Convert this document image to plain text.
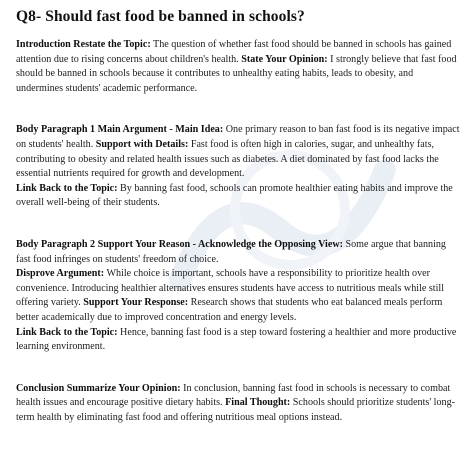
Q8- Should fast food be banned in schools?

Introduction Restate the Topic: The question of whether fast food should be banned in schools has gained attention due to rising concerns about children's health. State Your Opinion: I strongly believe that fast food should be banned in schools because it contributes to unhealthy eating habits, leads to obesity, and undermines students' academic performance.

Body Paragraph 1 Main Argument - Main Idea: One primary reason to ban fast food is its negative impact on students' health. Support with Details: Fast food is often high in calories, sugar, and unhealthy fats, contributing to obesity and related health issues such as diabetes. A diet dominated by fast food lacks the essential nutrients required for growth and development.
Link Back to the Topic: By banning fast food, schools can promote healthier eating habits and improve the overall well-being of their students.

Body Paragraph 2 Support Your Reason - Acknowledge the Opposing View: Some argue that banning fast food infringes on students' freedom of choice.
Disprove Argument: While choice is important, schools have a responsibility to prioritize health over convenience. Introducing healthier alternatives ensures students have access to nutritious meals while still offering variety. Support Your Response: Research shows that students who eat balanced meals perform better academically due to improved concentration and energy levels.
Link Back to the Topic: Hence, banning fast food is a step toward fostering a healthier and more productive learning environment.

Conclusion Summarize Your Opinion: In conclusion, banning fast food in schools is necessary to combat health issues and encourage positive dietary habits. Final Thought: Schools should prioritize students' long-term health by eliminating fast food and offering nutritious meal options instead.
